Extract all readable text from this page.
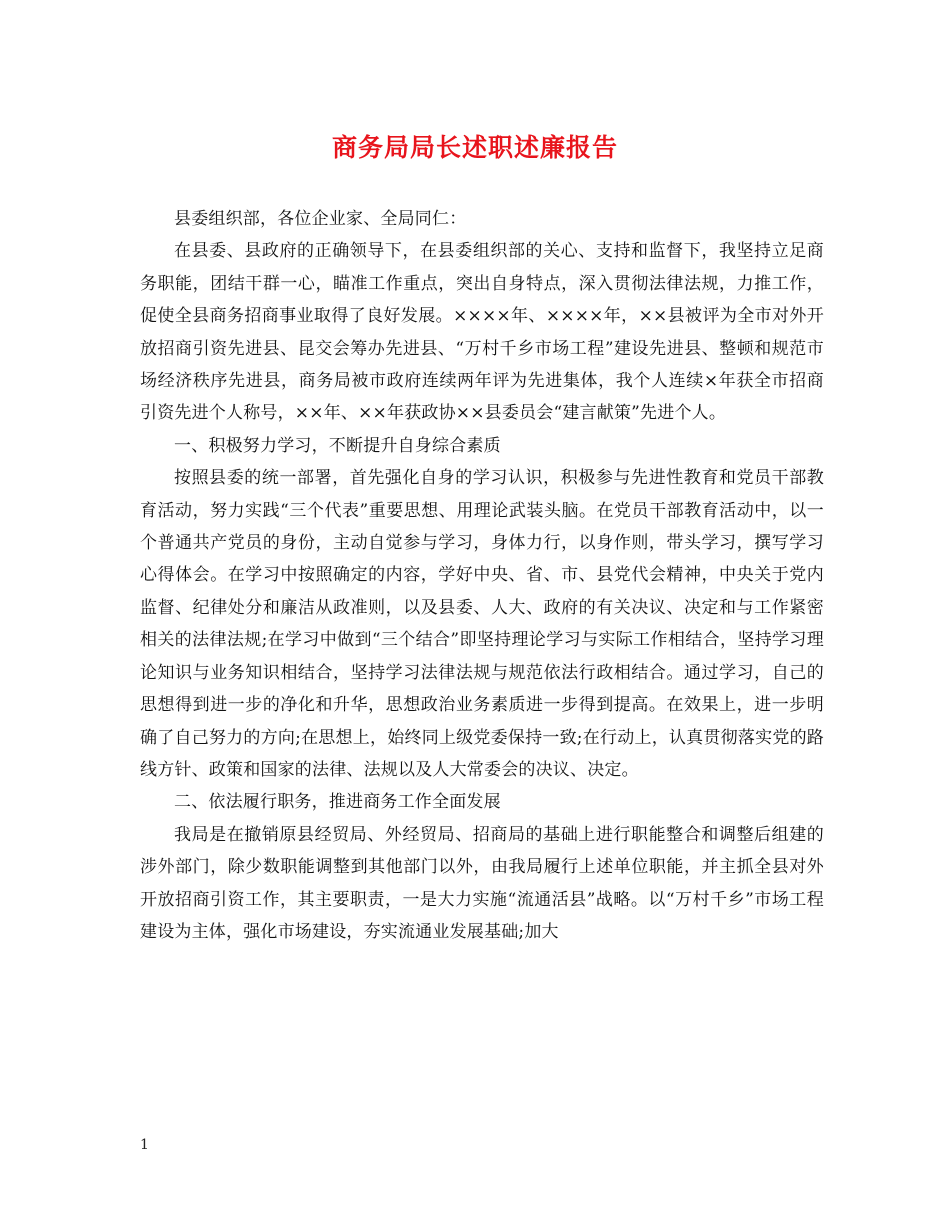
商务局局长述职述廉报告

县委组织部，各位企业家、全局同仁：

在县委、县政府的正确领导下，在县委组织部的关心、支持和监督下，我坚持立足商务职能，团结干群一心，瞄准工作重点，突出自身特点，深入贯彻法律法规，力推工作，促使全县商务招商事业取得了良好发展。××××年、××××年，××县被评为全市对外开放招商引资先进县、昆交会筹办先进县、“万村千乡市场工程”建设先进县、整顿和规范市场经济秩序先进县，商务局被市政府连续两年评为先进集体，我个人连续×年获全市招商引资先进个人称号，××年、××年获政协××县委员会“建言献策”先进个人。

一、积极努力学习，不断提升自身综合素质

按照县委的统一部署，首先强化自身的学习认识，积极参与先进性教育和党员干部教育活动，努力实践“三个代表”重要思想、用理论武装头脑。在党员干部教育活动中，以一个普通共产党员的身份，主动自觉参与学习，身体力行，以身作则，带头学习，撰写学习心得体会。在学习中按照确定的内容，学好中央、省、市、县党代会精神，中央关于党内监督、纪律处分和廉洁从政准则，以及县委、人大、政府的有关决议、决定和与工作紧密相关的法律法规;在学习中做到“三个结合”即坚持理论学习与实际工作相结合，坚持学习理论知识与业务知识相结合，坚持学习法律法规与规范依法行政相结合。通过学习，自己的思想得到进一步的净化和升华，思想政治业务素质进一步得到提高。在效果上，进一步明确了自己努力的方向;在思想上，始终同上级党委保持一致;在行动上，认真贯彻落实党的路线方针、政策和国家的法律、法规以及人大常委会的决议、决定。

二、依法履行职务，推进商务工作全面发展

我局是在撤销原县经贸局、外经贸局、招商局的基础上进行职能整合和调整后组建的涉外部门，除少数职能调整到其他部门以外，由我局履行上述单位职能，并主抓全县对外开放招商引资工作，其主要职责，一是大力实施“流通活县”战略。以“万村千乡”市场工程建设为主体，强化市场建设，夯实流通业发展基础;加大

1
